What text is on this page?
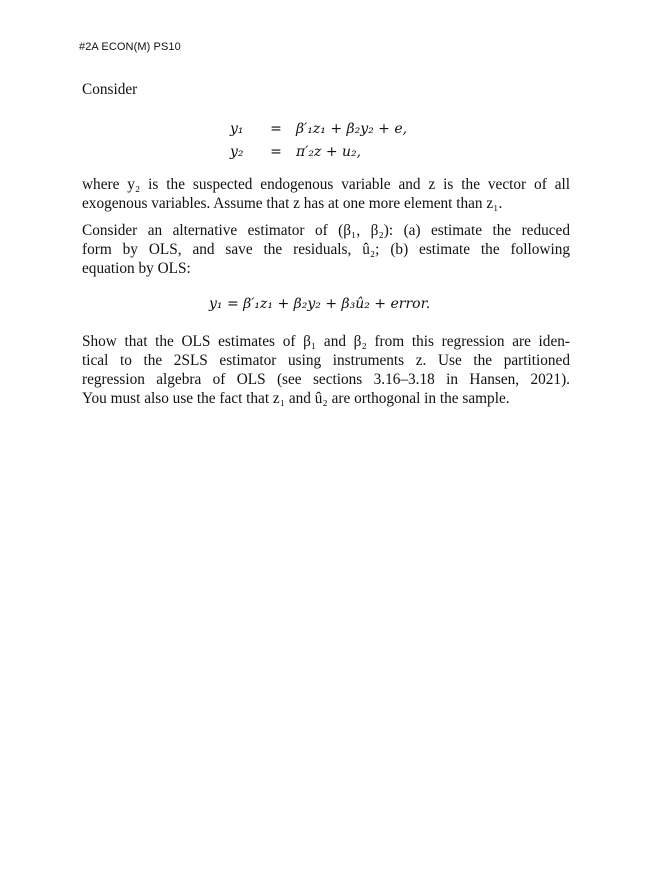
#2A ECON(M) PS10
Consider
y₁	=	β′₁z₁ + β₂y₂ + e,
y₂	=	π′₂z + u₂,
where y₂ is the suspected endogenous variable and z is the vector of all
exogenous variables. Assume that z has at one more element than z₁.
Consider an alternative estimator of (β₁, β₂): (a) estimate the reduced
form by OLS, and save the residuals, û₂; (b) estimate the following
equation by OLS:
y₁ = β′₁z₁ + β₂y₂ + β₃û₂ + error.
Show that the OLS estimates of β₁ and β₂ from this regression are iden-
tical to the 2SLS estimator using instruments z. Use the partitioned
regression algebra of OLS (see sections 3.16–3.18 in Hansen, 2021).
You must also use the fact that z₁ and û₂ are orthogonal in the sample.
